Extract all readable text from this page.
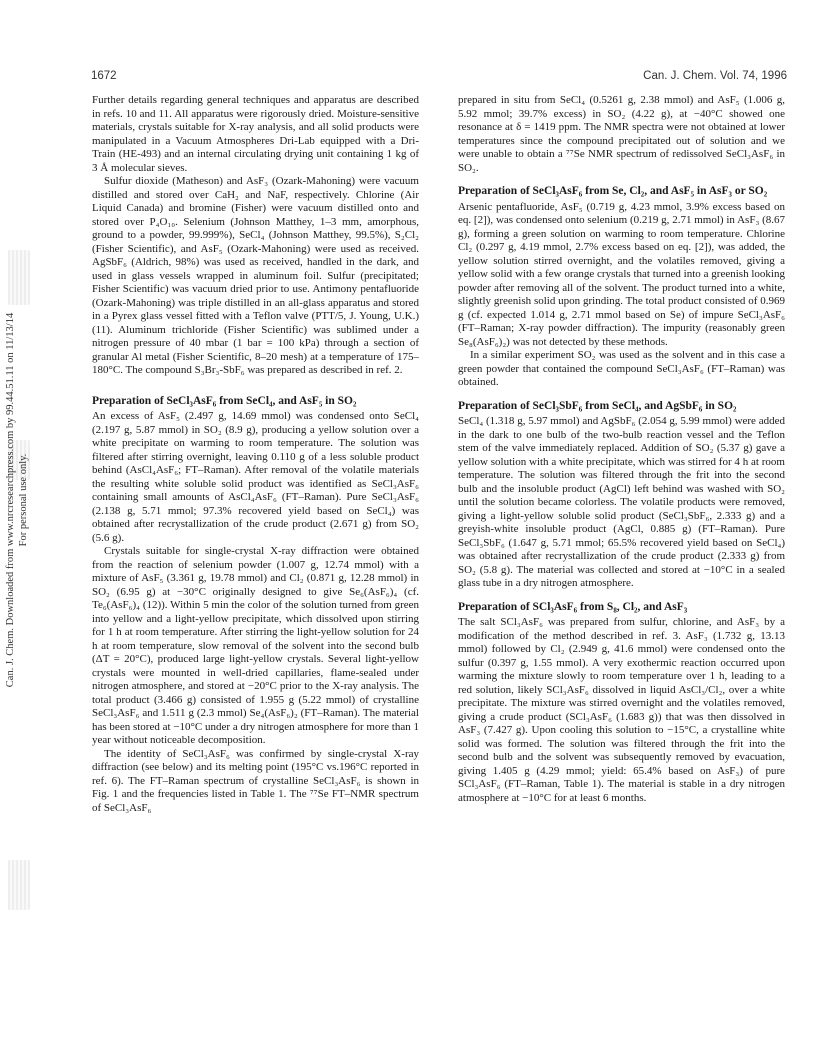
1672	Can. J. Chem. Vol. 74, 1996
Can. J. Chem. Downloaded from www.nrcresearchpress.com by 99.44.51.11 on 11/13/14 For personal use only.

Further details regarding general techniques and apparatus are described in refs. 10 and 11. All apparatus were rigorously dried. Moisture-sensitive materials, crystals suitable for X-ray analysis, and all solid products were manipulated in a Vacuum Atmospheres Dri-Lab equipped with a Dri-Train (HE-493) and an internal circulating drying unit containing 1 kg of 3 Å molecular sieves.

Sulfur dioxide (Matheson) and AsF₃ (Ozark-Mahoning) were vacuum distilled and stored over CaH₂ and NaF, respectively. Chlorine (Air Liquid Canada) and bromine (Fisher) were vacuum distilled onto and stored over P₄O₁₀. Selenium (Johnson Matthey, 1–3 mm, amorphous, ground to a powder, 99.999%), SeCl₄ (Johnson Matthey, 99.5%), S₂Cl₂ (Fisher Scientific), and AsF₅ (Ozark-Mahoning) were used as received. AgSbF₆ (Aldrich, 98%) was used as received, handled in the dark, and used in glass vessels wrapped in aluminum foil. Sulfur (precipitated; Fisher Scientific) was vacuum dried prior to use. Antimony pentafluoride (Ozark-Mahoning) was triple distilled in an all-glass apparatus and stored in a Pyrex glass vessel fitted with a Teflon valve (PTT/5, J. Young, U.K.) (11). Aluminum trichloride (Fisher Scientific) was sublimed under a nitrogen pressure of 40 mbar (1 bar = 100 kPa) through a section of granular Al metal (Fisher Scientific, 8–20 mesh) at a temperature of 175–180°C. The compound S₃Br₃-SbF₆ was prepared as described in ref. 2.

Preparation of SeCl₃AsF₆ from SeCl₄, and AsF₅ in SO₂

An excess of AsF₅ (2.497 g, 14.69 mmol) was condensed onto SeCl₄ (2.197 g, 5.87 mmol) in SO₂ (8.9 g), producing a yellow solution over a white precipitate on warming to room temperature. The solution was filtered after stirring overnight, leaving 0.110 g of a less soluble product behind (AsCl₄AsF₆; FT–Raman). After removal of the volatile materials the resulting white soluble solid product was identified as SeCl₃AsF₆ containing small amounts of AsCl₄AsF₆ (FT–Raman). Pure SeCl₃AsF₆ (2.138 g, 5.71 mmol; 97.3% recovered yield based on SeCl₄) was obtained after recrystallization of the crude product (2.671 g) from SO₂ (5.6 g).

Crystals suitable for single-crystal X-ray diffraction were obtained from the reaction of selenium powder (1.007 g, 12.74 mmol) with a mixture of AsF₅ (3.361 g, 19.78 mmol) and Cl₂ (0.871 g, 12.28 mmol) in SO₂ (6.95 g) at −30°C originally designed to give Se₆(AsF₆)₄ (cf. Te₆(AsF₆)₄ (12)). Within 5 min the color of the solution turned from green into yellow and a light-yellow precipitate, which dissolved upon stirring for 1 h at room temperature. After stirring the light-yellow solution for 24 h at room temperature, slow removal of the solvent into the second bulb (ΔT = 20°C), produced large light-yellow crystals. Several light-yellow crystals were mounted in well-dried capillaries, flame-sealed under nitrogen atmosphere, and stored at −20°C prior to the X-ray analysis. The total product (3.466 g) consisted of 1.955 g (5.22 mmol) of crystalline SeCl₃AsF₆ and 1.511 g (2.3 mmol) Se₄(AsF₆)₂ (FT–Raman). The material has been stored at −10°C under a dry nitrogen atmosphere for more than 1 year without noticeable decomposition.

The identity of SeCl₃AsF₆ was confirmed by single-crystal X-ray diffraction (see below) and its melting point (195°C vs.196°C reported in ref. 6). The FT–Raman spectrum of crystalline SeCl₃AsF₆ is shown in Fig. 1 and the frequencies listed in Table 1. The ⁷⁷Se FT–NMR spectrum of SeCl₃AsF₆

prepared in situ from SeCl₄ (0.5261 g, 2.38 mmol) and AsF₅ (1.006 g, 5.92 mmol; 39.7% excess) in SO₂ (4.22 g), at −40°C showed one resonance at δ = 1419 ppm. The NMR spectra were not obtained at lower temperatures since the compound precipitated out of solution and we were unable to obtain a ⁷⁷Se NMR spectrum of redissolved SeCl₃AsF₆ in SO₂.

Preparation of SeCl₃AsF₆ from Se, Cl₂, and AsF₅ in AsF₃ or SO₂

Arsenic pentafluoride, AsF₅ (0.719 g, 4.23 mmol, 3.9% excess based on eq. [2]), was condensed onto selenium (0.219 g, 2.71 mmol) in AsF₃ (8.67 g), forming a green solution on warming to room temperature. Chlorine Cl₂ (0.297 g, 4.19 mmol, 2.7% excess based on eq. [2]), was added, the yellow solution stirred overnight, and the volatiles removed, giving a yellow solid with a few orange crystals that turned into a greenish looking powder after removing all of the solvent. The product turned into a white, slightly greenish solid upon grinding. The total product consisted of 0.969 g (cf. expected 1.014 g, 2.71 mmol based on Se) of impure SeCl₃AsF₆ (FT–Raman; X-ray powder diffraction). The impurity (reasonably green Se₈(AsF₆)₂) was not detected by these methods.

In a similar experiment SO₂ was used as the solvent and in this case a green powder that contained the compound SeCl₃AsF₆ (FT–Raman) was obtained.

Preparation of SeCl₃SbF₆ from SeCl₄, and AgSbF₆ in SO₂

SeCl₄ (1.318 g, 5.97 mmol) and AgSbF₆ (2.054 g, 5.99 mmol) were added in the dark to one bulb of the two-bulb reaction vessel and the Teflon stem of the valve immediately replaced. Addition of SO₂ (5.37 g) gave a yellow solution with a white precipitate, which was stirred for 4 h at room temperature. The solution was filtered through the frit into the second bulb and the insoluble product (AgCl) left behind was washed with SO₂ until the solution became colorless. The volatile products were removed, giving a light-yellow soluble solid product (SeCl₃SbF₆, 2.333 g) and a greyish-white insoluble product (AgCl, 0.885 g) (FT–Raman). Pure SeCl₃SbF₆ (1.647 g, 5.71 mmol; 65.5% recovered yield based on SeCl₄) was obtained after recrystallization of the crude product (2.333 g) from SO₂ (5.8 g). The material was collected and stored at −10°C in a sealed glass tube in a dry nitrogen atmosphere.

Preparation of SCl₃AsF₆ from S₈, Cl₂, and AsF₃

The salt SCl₃AsF₆ was prepared from sulfur, chlorine, and AsF₃ by a modification of the method described in ref. 3. AsF₃ (1.732 g, 13.13 mmol) followed by Cl₂ (2.949 g, 41.6 mmol) were condensed onto the sulfur (0.397 g, 1.55 mmol). A very exothermic reaction occurred upon warming the mixture slowly to room temperature over 1 h, leading to a red solution, likely SCl₃AsF₆ dissolved in liquid AsCl₃/Cl₂, over a white precipitate. The mixture was stirred overnight and the volatiles removed, giving a crude product (SCl₃AsF₆ (1.683 g)) that was then dissolved in AsF₃ (7.427 g). Upon cooling this solution to −15°C, a crystalline white solid was formed. The solution was filtered through the frit into the second bulb and the solvent was subsequently removed by evacuation, giving 1.405 g (4.29 mmol; yield: 65.4% based on AsF₃) of pure SCl₃AsF₆ (FT–Raman, Table 1). The material is stable in a dry nitrogen atmosphere at −10°C for at least 6 months.
